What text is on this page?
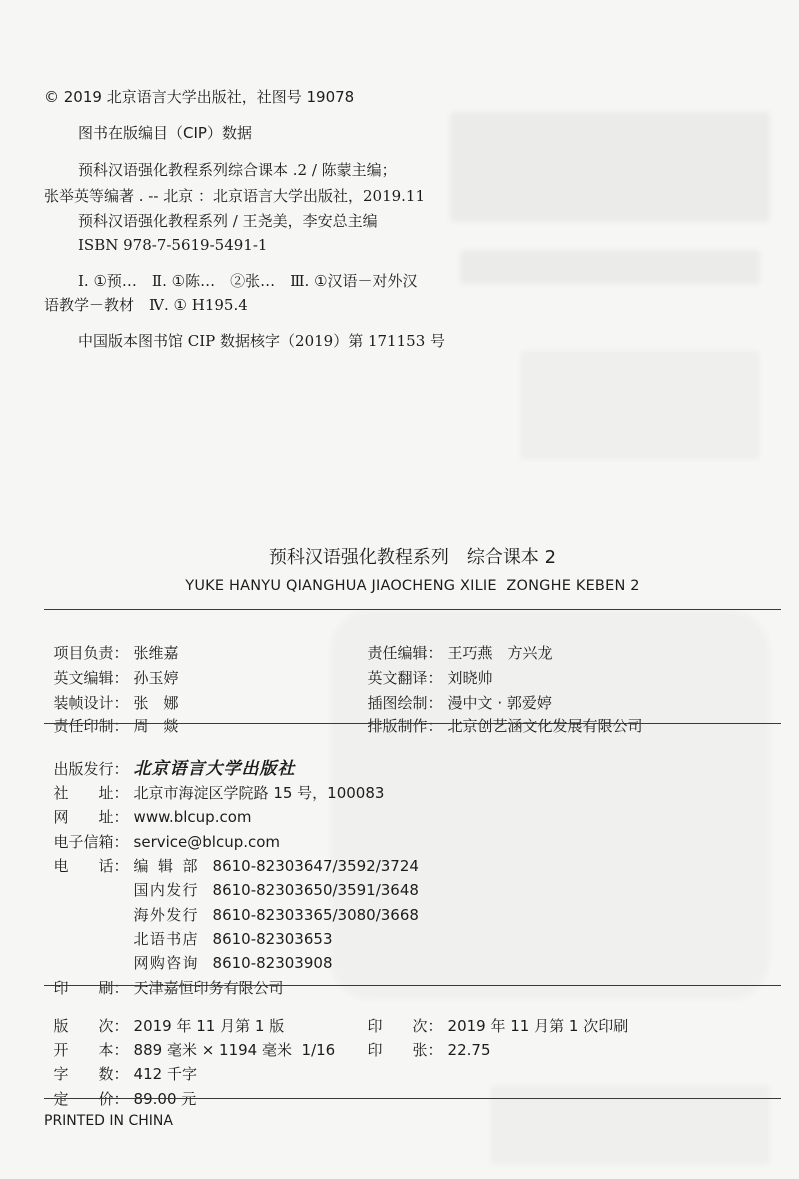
© 2019 北京语言大学出版社，社图号 19078
图书在版编目（CIP）数据
预科汉语强化教程系列综合课本 .2 / 陈蒙主编；
张举英等编著 . -- 北京 ：北京语言大学出版社，2019.11
预科汉语强化教程系列 / 王尧美，李安总主编
ISBN 978-7-5619-5491-1
Ⅰ. ①预…　Ⅱ. ①陈…　②张…　Ⅲ. ①汉语－对外汉
语教学－教材　Ⅳ. ① H195.4
中国版本图书馆 CIP 数据核字（2019）第 171153 号
预科汉语强化教程系列　综合课本 2
YUKE HANYU QIANGHUA JIAOCHENG XILIE  ZONGHE KEBEN 2

项目负责： 张维嘉	责任编辑： 王巧燕　方兴龙

英文编辑： 孙玉婷	英文翻译： 刘晓帅

装帧设计： 张　娜	插图绘制： 漫中文 · 郭爱婷

责任印制： 周　燚	排版制作： 北京创艺涵文化发展有限公司

出版发行： 北京语言大学出版社

社　　址： 北京市海淀区学院路 15 号，100083

网　　址： www.blcup.com

电子信箱： service@blcup.com

电　　话： 编 辑 部 8610-82303647/3592/3724

国内发行 8610-82303650/3591/3648

海外发行 8610-82303365/3080/3668

北语书店 8610-82303653

网购咨询 8610-82303908

印　　刷： 天津嘉恒印务有限公司

版　　次： 2019 年 11 月第 1 版	印　　次： 2019 年 11 月第 1 次印刷

开　　本： 889 毫米 × 1194 毫米  1/16	印　　张： 22.75

字　　数： 412 千字

定　　价： 89.00 元

PRINTED IN CHINA
